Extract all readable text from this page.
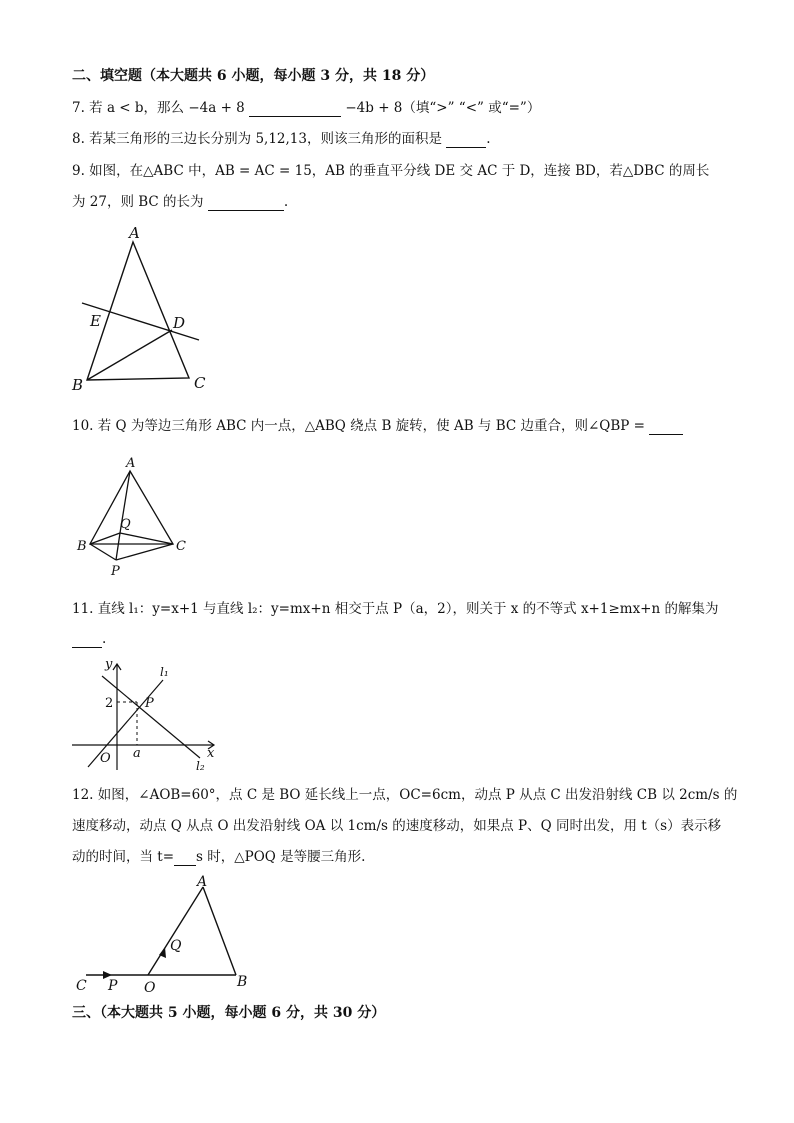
二、填空题（本大题共 6 小题，每小题 3 分，共 18 分）
7. 若 a < b，那么 −4a + 8	−4b + 8（填“>” “<” 或“=”）
8. 若某三角形的三边长分别为 5,12,13，则该三角形的面积是	.
9. 如图，在△ABC 中，AB = AC = 15，AB 的垂直平分线 DE 交 AC 于 D，连接 BD，若△DBC 的周长
为 27，则 BC 的长为	.
A
E	D
B	C
10. 若 Q 为等边三角形 ABC 内一点，△ABQ 绕点 B 旋转，使 AB 与 BC 边重合，则∠QBP =
A
B	C
Q
P
11. 直线 l₁：y=x+1 与直线 l₂：y=mx+n 相交于点 P（a，2），则关于 x 的不等式 x+1≥mx+n 的解集为
.
y
x
O
2 P
a
l₁
l₂
12. 如图，∠AOB=60°，点 C 是 BO 延长线上一点，OC=6cm，动点 P 从点 C 出发沿射线 CB 以 2cm/s 的
速度移动，动点 Q 从点 O 出发沿射线 OA 以 1cm/s 的速度移动，如果点 P、Q 同时出发，用 t（s）表示移
动的时间，当 t= s 时，△POQ 是等腰三角形.
A
B
C P O
Q
三、（本大题共 5 小题，每小题 6 分，共 30 分）
